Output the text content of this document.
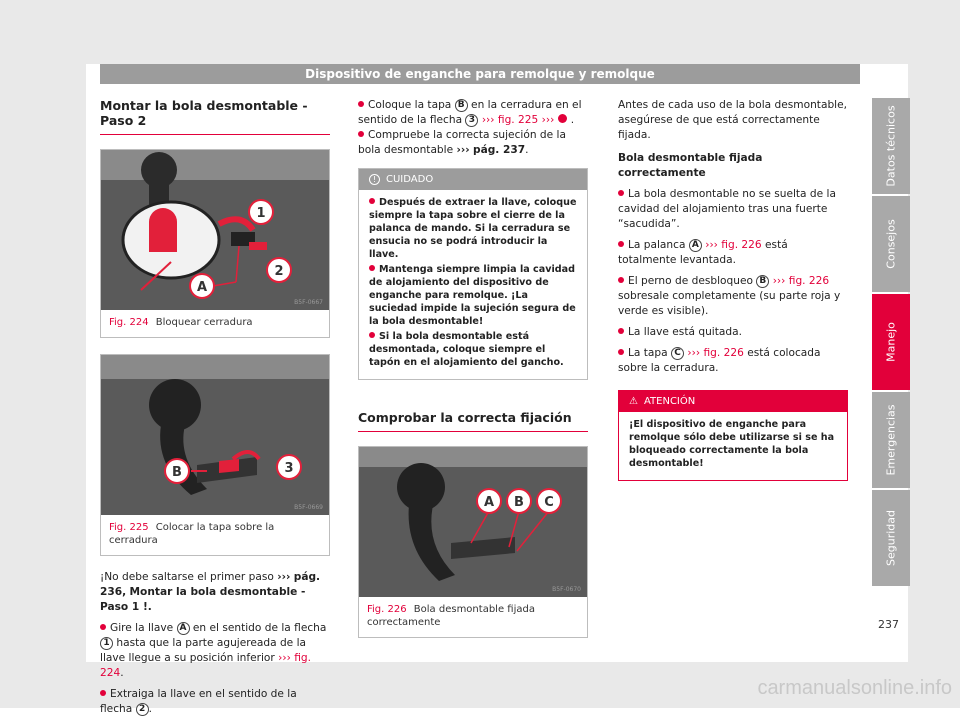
Dispositivo de enganche para remolque y remolque
Montar la bola desmontable - Paso 2
1
2
A
B5F-0667
Fig. 224 Bloquear cerradura
B	3
B5F-0669
Fig. 225 Colocar la tapa sobre la cerradura

¡No debe saltarse el primer paso ››› pág. 236, Montar la bola desmontable - Paso 1 !.

Gire la llave A en el sentido de la flecha 1 hasta que la parte agujereada de la llave llegue a su posición inferior ››› fig. 224.

Extraiga la llave en el sentido de la flecha 2 .

Coloque la tapa B en la cerradura en el sentido de la flecha 3 ››› fig. 225 ››› .

Compruebe la correcta sujeción de la bola desmontable ››› pág. 237.

! CUIDADO

Después de extraer la llave, coloque siempre la tapa sobre el cierre de la palanca de mando. Si la cerradura se ensucia no se podrá introducir la llave.

Mantenga siempre limpia la cavidad de alojamiento del dispositivo de enganche para remolque. ¡La suciedad impide la sujeción segura de la bola desmontable!

Si la bola desmontable está desmontada, coloque siempre el tapón en el alojamiento del gancho.

Comprobar la correcta fijación
A B C
B5F-0670
Fig. 226 Bola desmontable fijada correctamente

Antes de cada uso de la bola desmontable, asegúrese de que está correctamente fijada.

Bola desmontable fijada correctamente

La bola desmontable no se suelta de la cavidad del alojamiento tras una fuerte “sacudida”.

La palanca A ››› fig. 226 está totalmente levantada.

El perno de desbloqueo B ››› fig. 226 sobresale completamente (su parte roja y verde es visible).

La llave está quitada.

La tapa C ››› fig. 226 está colocada sobre la cerradura.

⚠ ATENCIÓN

¡El dispositivo de enganche para remolque sólo debe utilizarse si se ha bloqueado correctamente la bola desmontable!

Datos técnicos
Consejos
Manejo
Emergencias
Seguridad
237
carmanualsonline.info
